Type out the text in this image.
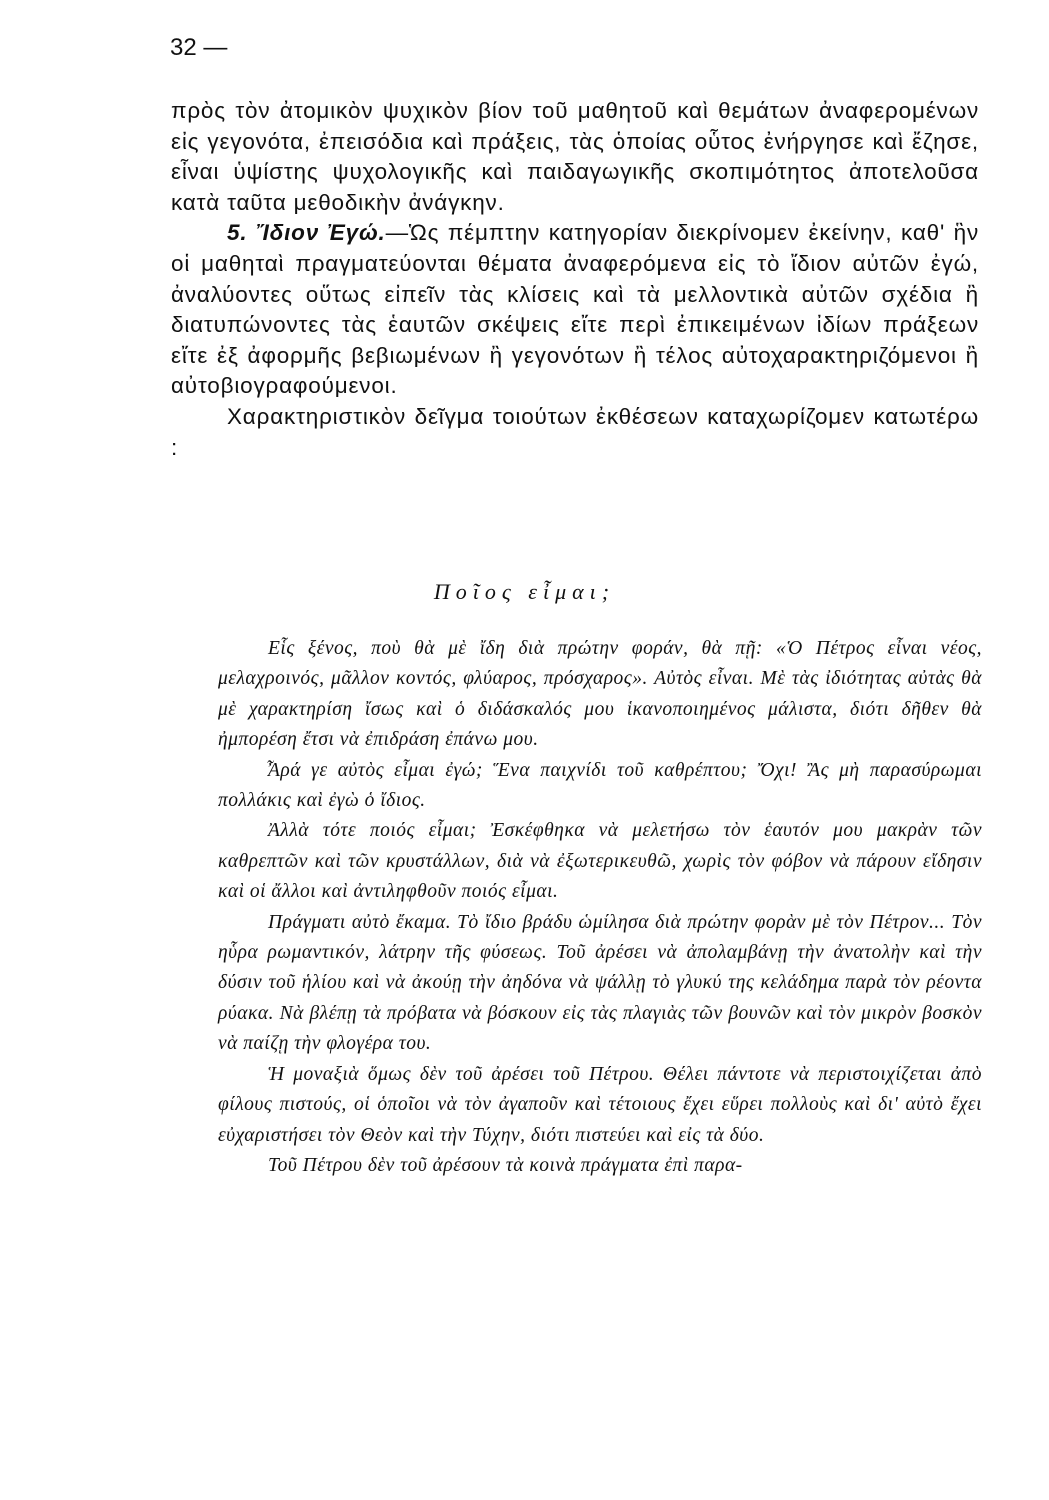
32 —

πρὸς τὸν ἀτομικὸν ψυχικὸν βίον τοῦ μαθητοῦ καὶ θεμάτων ἀναφερομένων εἰς γεγονότα, ἐπεισόδια καὶ πράξεις, τὰς ὁποίας οὗτος ἐνήργησε καὶ ἔζησε, εἶναι ὑψίστης ψυχολογικῆς καὶ παιδαγωγικῆς σκοπιμότητος ἀποτελοῦσα κατὰ ταῦτα μεθοδικὴν ἀνάγκην.

5. Ἴδιον Ἐγώ.—Ὡς πέμπτην κατηγορίαν διεκρίνομεν ἐκείνην, καθ' ἣν οἱ μαθηταὶ πραγματεύονται θέματα ἀναφερόμενα εἰς τὸ ἴδιον αὐτῶν ἐγώ, ἀναλύοντες οὕτως εἰπεῖν τὰς κλίσεις καὶ τὰ μελλοντικὰ αὐτῶν σχέδια ἢ διατυπώνοντες τὰς ἑαυτῶν σκέψεις εἴτε περὶ ἐπικειμένων ἰδίων πράξεων εἴτε ἐξ ἀφορμῆς βεβιωμένων ἢ γεγονότων ἢ τέλος αὐτοχαρακτηριζόμενοι ἢ αὐτοβιογραφούμενοι.

Χαρακτηριστικὸν δεῖγμα τοιούτων ἐκθέσεων καταχωρίζομεν κατωτέρω :

Ποῖος εἶμαι;

Εἷς ξένος, ποὺ θὰ μὲ ἴδη διὰ πρώτην φοράν, θὰ πῇ: «Ὁ Πέτρος εἶναι νέος, μελαχροινός, μᾶλλον κοντός, φλύαρος, πρόσχαρος». Αὐτὸς εἶναι. Μὲ τὰς ἰδιότητας αὐτὰς θὰ μὲ χαρακτηρίση ἴσως καὶ ὁ διδάσκαλός μου ἱκανοποιημένος μάλιστα, διότι δῆθεν θὰ ἠμπορέση ἔτσι νὰ ἐπιδράση ἐπάνω μου.

Ἆρά γε αὐτὸς εἶμαι ἐγώ; Ἕνα παιχνίδι τοῦ καθρέπτου; Ὄχι! Ἂς μὴ παρασύρωμαι πολλάκις καὶ ἐγὼ ὁ ἴδιος.

Ἀλλὰ τότε ποιός εἶμαι; Ἐσκέφθηκα νὰ μελετήσω τὸν ἑαυτόν μου μακρὰν τῶν καθρεπτῶν καὶ τῶν κρυστάλλων, διὰ νὰ ἐξωτερικευθῶ, χωρὶς τὸν φόβον νὰ πάρουν εἴδησιν καὶ οἱ ἄλλοι καὶ ἀντιληφθοῦν ποιός εἶμαι.

Πράγματι αὐτὸ ἔκαμα. Τὸ ἴδιο βράδυ ὡμίλησα διὰ πρώτην φορὰν μὲ τὸν Πέτρον... Τὸν ηὗρα ρωμαντικόν, λάτρην τῆς φύσεως. Τοῦ ἀρέσει νὰ ἀπολαμβάνῃ τὴν ἀνατολὴν καὶ τὴν δύσιν τοῦ ἡλίου καὶ νὰ ἀκούῃ τὴν ἀηδόνα νὰ ψάλλῃ τὸ γλυκύ της κελάδημα παρὰ τὸν ρέοντα ρύακα. Νὰ βλέπῃ τὰ πρόβατα νὰ βόσκουν εἰς τὰς πλαγιὰς τῶν βουνῶν καὶ τὸν μικρὸν βοσκὸν νὰ παίζῃ τὴν φλογέρα του.

Ἡ μοναξιὰ ὅμως δὲν τοῦ ἀρέσει τοῦ Πέτρου. Θέλει πάντοτε νὰ περιστοιχίζεται ἀπὸ φίλους πιστούς, οἱ ὁποῖοι νὰ τὸν ἀγαποῦν καὶ τέτοιους ἔχει εὕρει πολλοὺς καὶ δι' αὐτὸ ἔχει εὐχαριστήσει τὸν Θεὸν καὶ τὴν Τύχην, διότι πιστεύει καὶ εἰς τὰ δύο.

Τοῦ Πέτρου δὲν τοῦ ἀρέσουν τὰ κοινὰ πράγματα ἐπὶ παρα-
